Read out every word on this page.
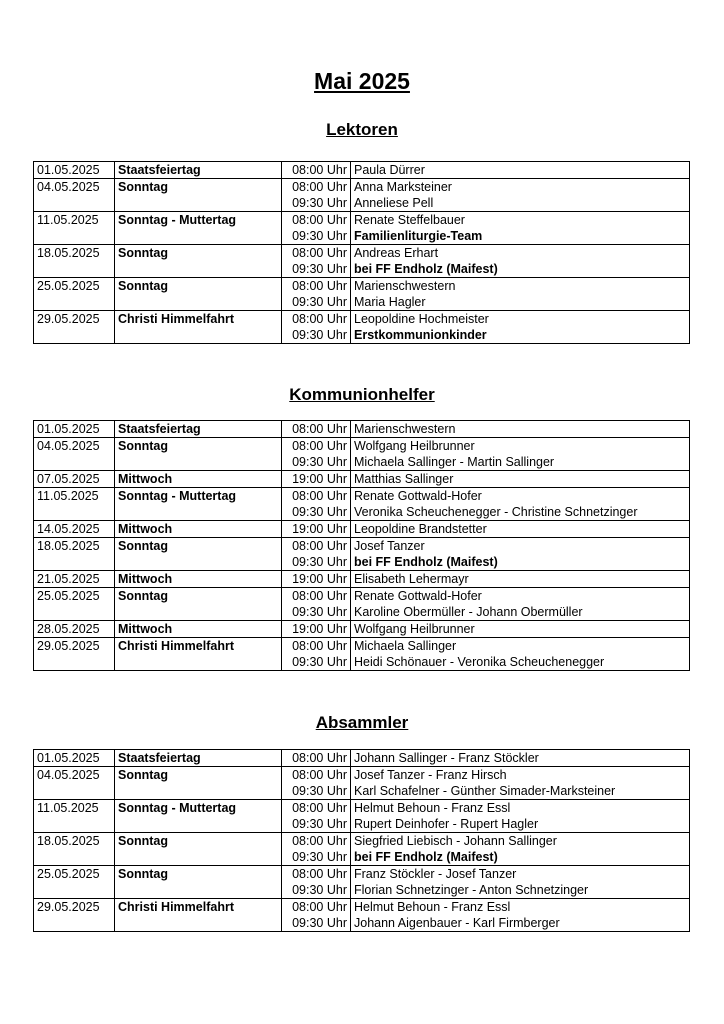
Mai 2025
Lektoren
01.05.2025	Staatsfeiertag	08:00 Uhr	Paula Dürrer
04.05.2025	Sonntag	08:00 Uhr	Anna Marksteiner
		09:30 Uhr	Anneliese Pell
11.05.2025	Sonntag - Muttertag	08:00 Uhr	Renate Steffelbauer
		09:30 Uhr	Familienliturgie-Team
18.05.2025	Sonntag	08:00 Uhr	Andreas Erhart
		09:30 Uhr	bei FF Endholz (Maifest)
25.05.2025	Sonntag	08:00 Uhr	Marienschwestern
		09:30 Uhr	Maria Hagler
29.05.2025	Christi Himmelfahrt	08:00 Uhr	Leopoldine Hochmeister
		09:30 Uhr	Erstkommunionkinder
Kommunionhelfer
01.05.2025	Staatsfeiertag	08:00 Uhr	Marienschwestern
04.05.2025	Sonntag	08:00 Uhr	Wolfgang Heilbrunner
		09:30 Uhr	Michaela Sallinger - Martin Sallinger
07.05.2025	Mittwoch	19:00 Uhr	Matthias Sallinger
11.05.2025	Sonntag - Muttertag	08:00 Uhr	Renate Gottwald-Hofer
		09:30 Uhr	Veronika Scheuchenegger - Christine Schnetzinger
14.05.2025	Mittwoch	19:00 Uhr	Leopoldine Brandstetter
18.05.2025	Sonntag	08:00 Uhr	Josef Tanzer
		09:30 Uhr	bei FF Endholz (Maifest)
21.05.2025	Mittwoch	19:00 Uhr	Elisabeth Lehermayr
25.05.2025	Sonntag	08:00 Uhr	Renate Gottwald-Hofer
		09:30 Uhr	Karoline Obermüller - Johann Obermüller
28.05.2025	Mittwoch	19:00 Uhr	Wolfgang Heilbrunner
29.05.2025	Christi Himmelfahrt	08:00 Uhr	Michaela Sallinger
		09:30 Uhr	Heidi Schönauer - Veronika Scheuchenegger
Absammler
01.05.2025	Staatsfeiertag	08:00 Uhr	Johann Sallinger - Franz Stöckler
04.05.2025	Sonntag	08:00 Uhr	Josef Tanzer - Franz Hirsch
		09:30 Uhr	Karl Schafelner - Günther Simader-Marksteiner
11.05.2025	Sonntag - Muttertag	08:00 Uhr	Helmut Behoun - Franz Essl
		09:30 Uhr	Rupert Deinhofer - Rupert Hagler
18.05.2025	Sonntag	08:00 Uhr	Siegfried Liebisch - Johann Sallinger
		09:30 Uhr	bei FF Endholz (Maifest)
25.05.2025	Sonntag	08:00 Uhr	Franz Stöckler - Josef Tanzer
		09:30 Uhr	Florian Schnetzinger - Anton Schnetzinger
29.05.2025	Christi Himmelfahrt	08:00 Uhr	Helmut Behoun - Franz Essl
		09:30 Uhr	Johann Aigenbauer - Karl Firmberger
